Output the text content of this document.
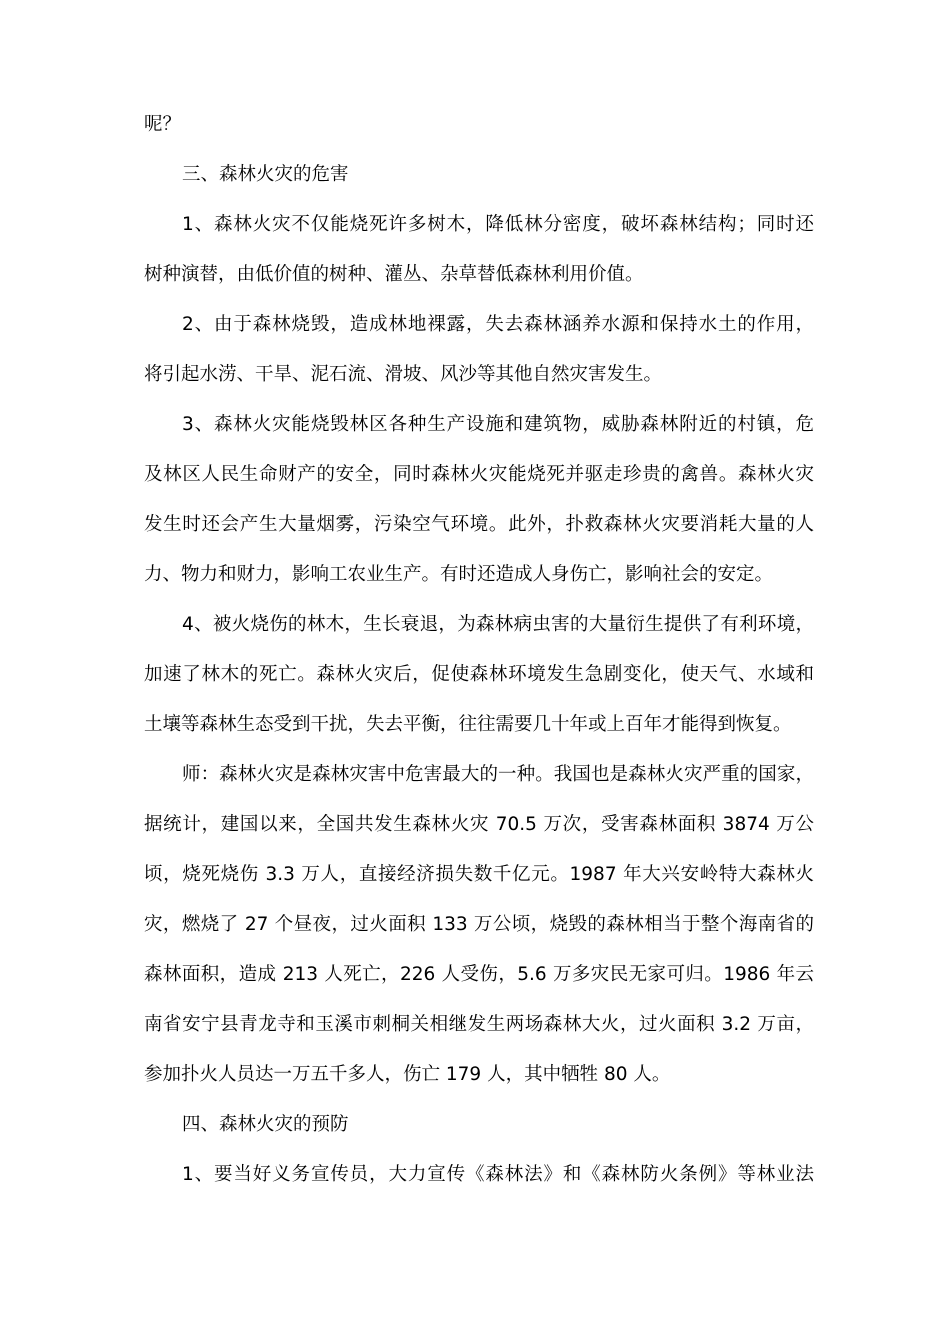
呢？
三、森林火灾的危害
1、森林火灾不仅能烧死许多树木，降低林分密度，破坏森林结构；同时还
树种演替，由低价值的树种、灌丛、杂草替低森林利用价值。
2、由于森林烧毁，造成林地裸露，失去森林涵养水源和保持水土的作用，
将引起水涝、干旱、泥石流、滑坡、风沙等其他自然灾害发生。
3、森林火灾能烧毁林区各种生产设施和建筑物，威胁森林附近的村镇，危
及林区人民生命财产的安全，同时森林火灾能烧死并驱走珍贵的禽兽。森林火灾
发生时还会产生大量烟雾，污染空气环境。此外，扑救森林火灾要消耗大量的人
力、物力和财力，影响工农业生产。有时还造成人身伤亡，影响社会的安定。
4、被火烧伤的林木，生长衰退，为森林病虫害的大量衍生提供了有利环境，
加速了林木的死亡。森林火灾后，促使森林环境发生急剧变化，使天气、水域和
土壤等森林生态受到干扰，失去平衡，往往需要几十年或上百年才能得到恢复。
师：森林火灾是森林灾害中危害最大的一种。我国也是森林火灾严重的国家，
据统计，建国以来，全国共发生森林火灾 70.5 万次，受害森林面积 3874 万公
顷，烧死烧伤 3.3 万人，直接经济损失数千亿元。1987 年大兴安岭特大森林火
灾，燃烧了 27 个昼夜，过火面积 133 万公顷，烧毁的森林相当于整个海南省的
森林面积，造成 213 人死亡，226 人受伤，5.6 万多灾民无家可归。1986 年云
南省安宁县青龙寺和玉溪市刺桐关相继发生两场森林大火，过火面积 3.2 万亩，
参加扑火人员达一万五千多人，伤亡 179 人，其中牺牲 80 人。
四、森林火灾的预防
1、要当好义务宣传员，大力宣传《森林法》和《森林防火条例》等林业法
